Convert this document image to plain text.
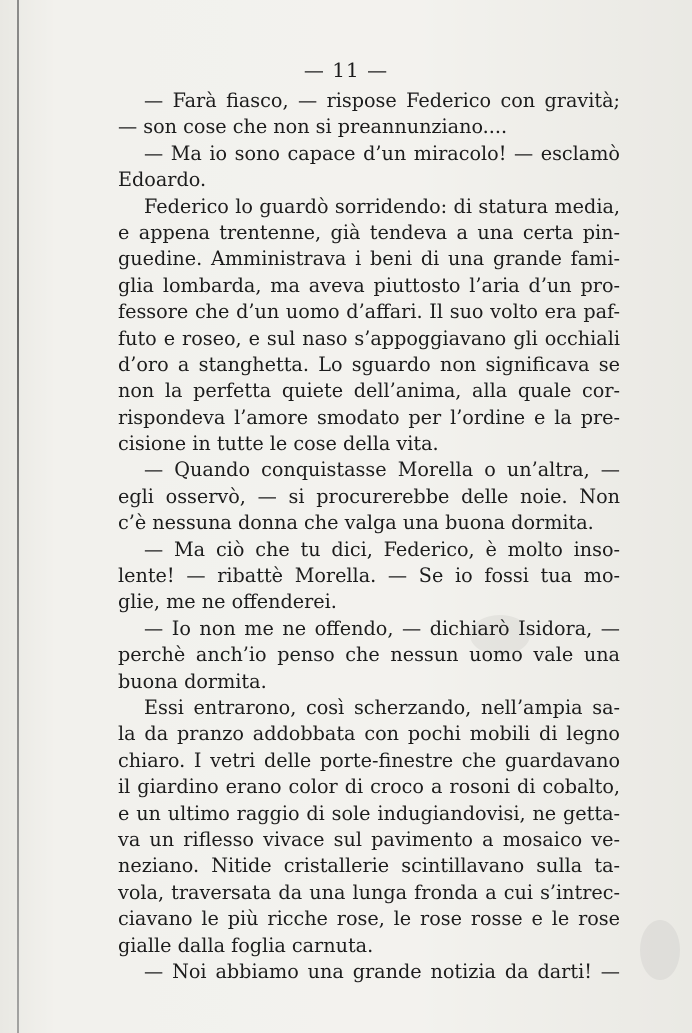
— 11 —
— Farà fiasco, — rispose Federico con gravità;
— son cose che non si preannunziano....
— Ma io sono capace d’un miracolo! — esclamò
Edoardo.
Federico lo guardò sorridendo: di statura media,
e appena trentenne, già tendeva a una certa pin-
guedine. Amministrava i beni di una grande fami-
glia lombarda, ma aveva piuttosto l’aria d’un pro-
fessore che d’un uomo d’affari. Il suo volto era paf-
futo e roseo, e sul naso s’appoggiavano gli occhiali
d’oro a stanghetta. Lo sguardo non significava se
non la perfetta quiete dell’anima, alla quale cor-
rispondeva l’amore smodato per l’ordine e la pre-
cisione in tutte le cose della vita.
— Quando conquistasse Morella o un’altra, —
egli osservò, — si procurerebbe delle noie. Non
c’è nessuna donna che valga una buona dormita.
— Ma ciò che tu dici, Federico, è molto inso-
lente! — ribattè Morella. — Se io fossi tua mo-
glie, me ne offenderei.
— Io non me ne offendo, — dichiarò Isidora, —
perchè anch’io penso che nessun uomo vale una
buona dormita.
Essi entrarono, così scherzando, nell’ampia sa-
la da pranzo addobbata con pochi mobili di legno
chiaro. I vetri delle porte-finestre che guardavano
il giardino erano color di croco a rosoni di cobalto,
e un ultimo raggio di sole indugiandovisi, ne getta-
va un riflesso vivace sul pavimento a mosaico ve-
neziano. Nitide cristallerie scintillavano sulla ta-
vola, traversata da una lunga fronda a cui s’intrec-
ciavano le più ricche rose, le rose rosse e le rose
gialle dalla foglia carnuta.
— Noi abbiamo una grande notizia da darti! —
